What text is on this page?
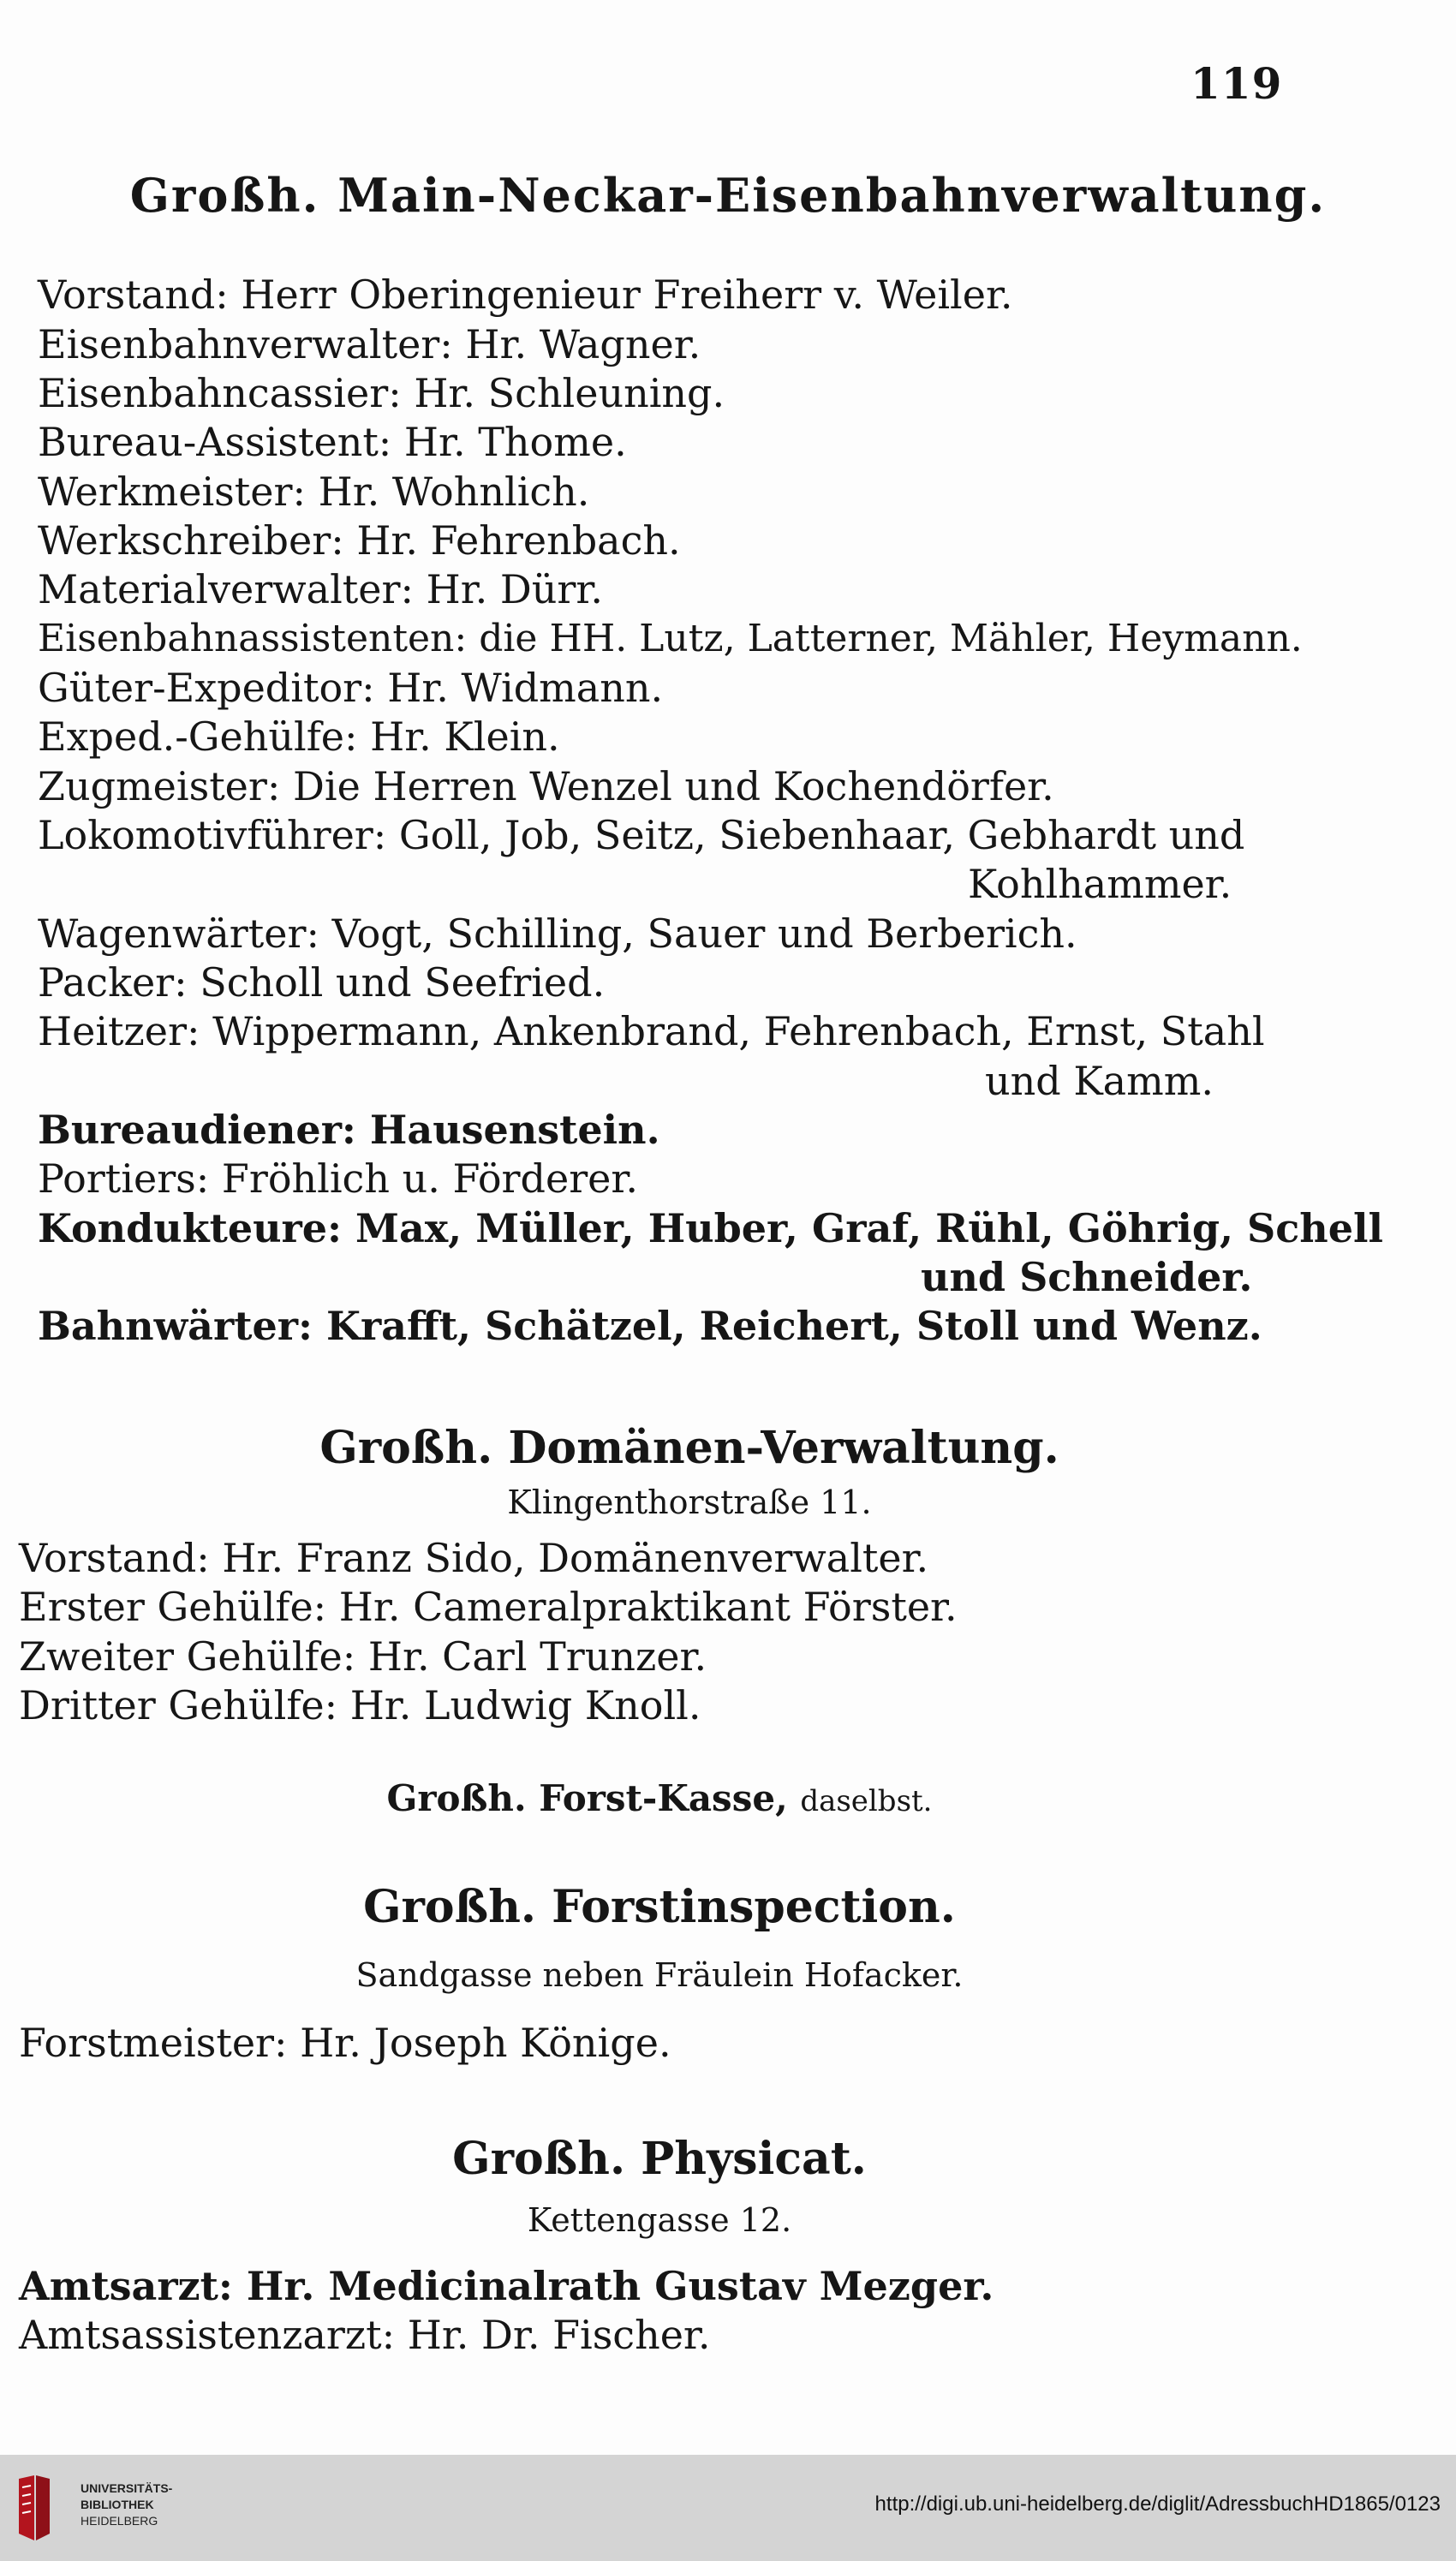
119
Großh. Main-Neckar-Eisenbahnverwaltung.
Vorstand: Herr Oberingenieur Freiherr v. Weiler.
Eisenbahnverwalter: Hr. Wagner.
Eisenbahncassier: Hr. Schleuning.
Bureau-Assistent: Hr. Thome.
Werkmeister: Hr. Wohnlich.
Werkschreiber: Hr. Fehrenbach.
Materialverwalter: Hr. Dürr.
Eisenbahnassistenten: die HH. Lutz, Latterner, Mähler, Heymann.
Güter-Expeditor: Hr. Widmann.
Exped.-Gehülfe: Hr. Klein.
Zugmeister: Die Herren Wenzel und Kochendörfer.
Lokomotivführer: Goll, Job, Seitz, Siebenhaar, Gebhardt und
Kohlhammer.
Wagenwärter: Vogt, Schilling, Sauer und Berberich.
Packer: Scholl und Seefried.
Heitzer: Wippermann, Ankenbrand, Fehrenbach, Ernst, Stahl
und Kamm.
Bureaudiener: Hausenstein.
Portiers: Fröhlich u. Förderer.
Kondukteure: Max, Müller, Huber, Graf, Rühl, Göhrig, Schell
und Schneider.
Bahnwärter: Krafft, Schätzel, Reichert, Stoll und Wenz.
Großh. Domänen-Verwaltung.
Klingenthorstraße 11.
Vorstand: Hr. Franz Sido, Domänenverwalter.
Erster Gehülfe: Hr. Cameralpraktikant Förster.
Zweiter Gehülfe: Hr. Carl Trunzer.
Dritter Gehülfe: Hr. Ludwig Knoll.
Großh. Forst-Kasse, daselbst.
Großh. Forstinspection.
Sandgasse neben Fräulein Hofacker.
Forstmeister: Hr. Joseph Könige.
Großh. Physicat.
Kettengasse 12.
Amtsarzt: Hr. Medicinalrath Gustav Mezger.
Amtsassistenzarzt: Hr. Dr. Fischer.
UNIVERSITÄTS-
BIBLIOTHEK
HEIDELBERG
http://digi.ub.uni-heidelberg.de/diglit/AdressbuchHD1865/0123
